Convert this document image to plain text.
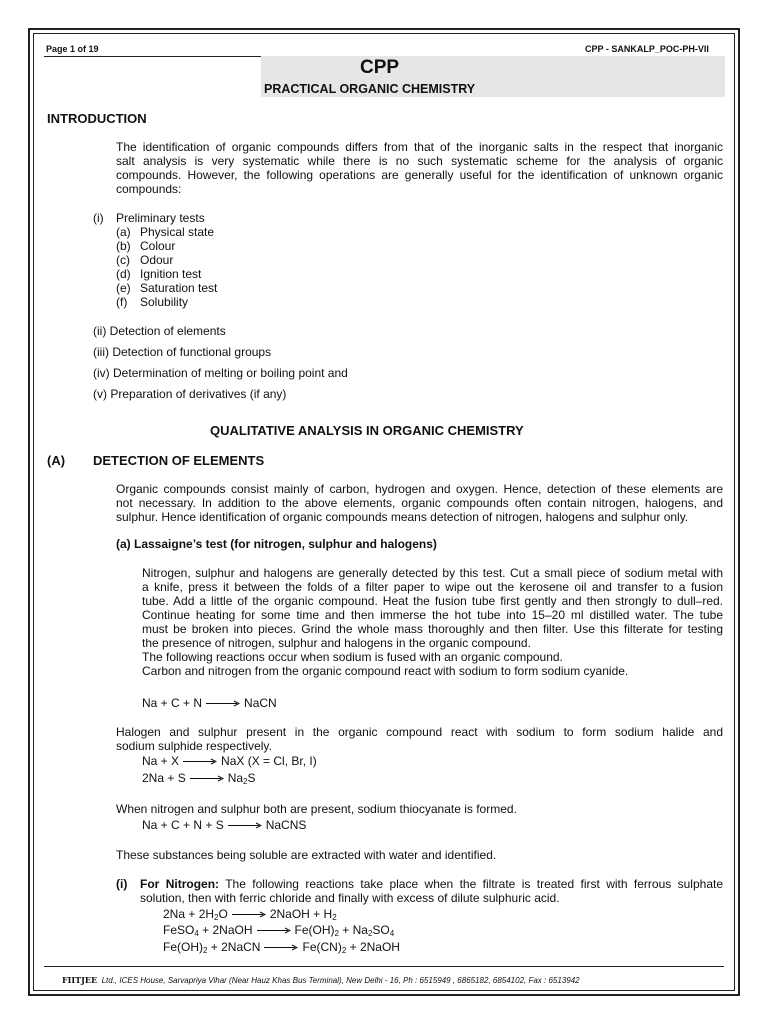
Page 1 of 19	CPP - SANKALP_POC-PH-VII
CPP
PRACTICAL ORGANIC CHEMISTRY
INTRODUCTION
The identification of organic compounds differs from that of the inorganic salts in the respect that inorganic
salt analysis is very systematic while there is no such systematic scheme for the analysis of organic
compounds. However, the following operations are generally useful for the identification of unknown organic
compounds:
(i) Preliminary tests
(a) Physical state
(b) Colour
(c) Odour
(d) Ignition test
(e) Saturation test
(f) Solubility
(ii) Detection of elements
(iii) Detection of functional groups
(iv) Determination of melting or boiling point and
(v) Preparation of derivatives (if any)
QUALITATIVE ANALYSIS IN ORGANIC CHEMISTRY
(A) DETECTION OF ELEMENTS
Organic compounds consist mainly of carbon, hydrogen and oxygen. Hence, detection of these elements are
not necessary. In addition to the above elements, organic compounds often contain nitrogen, halogens, and
sulphur. Hence identification of organic compounds means detection of nitrogen, halogens and sulphur only.
(a) Lassaigne’s test (for nitrogen, sulphur and halogens)
Nitrogen, sulphur and halogens are generally detected by this test. Cut a small piece of sodium metal with
a knife, press it between the folds of a filter paper to wipe out the kerosene oil and transfer to a fusion
tube. Add a little of the organic compound. Heat the fusion tube first gently and then strongly to dull–red.
Continue heating for some time and then immerse the hot tube into 15–20 ml distilled water. The tube
must be broken into pieces. Grind the whole mass thoroughly and then filter. Use this filterate for testing
the presence of nitrogen, sulphur and halogens in the organic compound.
The following reactions occur when sodium is fused with an organic compound.
Carbon and nitrogen from the organic compound react with sodium to form sodium cyanide.
Na + C + N → NaCN
Halogen and sulphur present in the organic compound react with sodium to form sodium halide and
sodium sulphide respectively.
Na + X → NaX (X = Cl, Br, I)
$2Na + S \to Na_2S$
When nitrogen and sulphur both are present, sodium thiocyanate is formed.
Na + C + N + S → NaCNS
These substances being soluble are extracted with water and identified.
(i) For Nitrogen: The following reactions take place when the filtrate is treated first with ferrous sulphate
solution, then with ferric chloride and finally with excess of dilute sulphuric acid.
$2Na + 2H_2O$ → 2NaOH + $H_2$
FeSO$_4$ + 2NaOH → $Fe(OH)_2 + Na_2SO_4$
$Fe(OH)_2$ + 2NaCN → $Fe(CN)_2$ + 2NaOH
FIITJEE Ltd., ICES House, Sarvapriya Vihar (Near Hauz Khas Bus Terminal), New Delhi - 16, Ph : 6515949 , 6865182, 6854102, Fax : 6513942
